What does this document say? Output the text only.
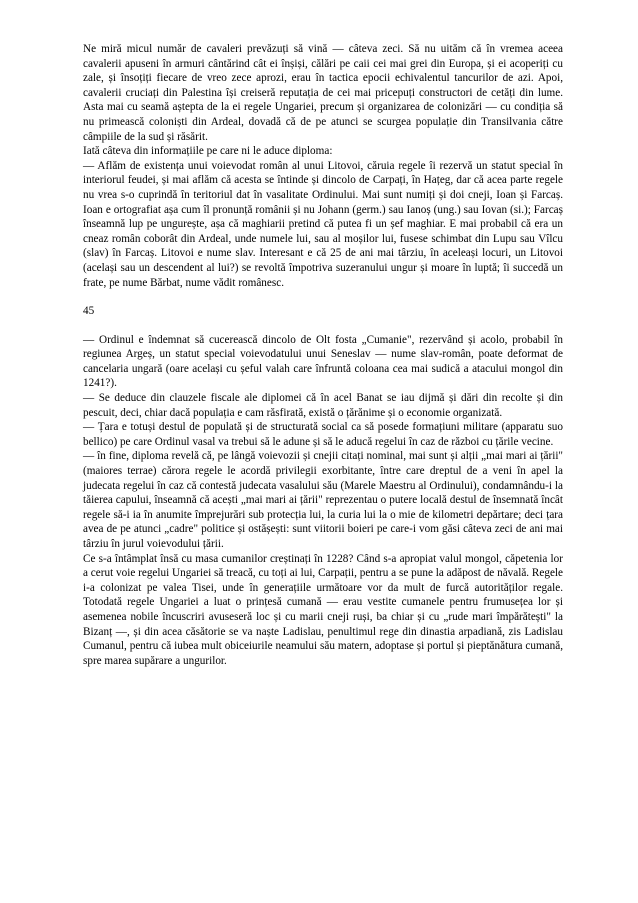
Ne miră micul număr de cavaleri prevăzuți să vină — câteva zeci. Să nu uităm că în vremea aceea cavalerii apuseni în armuri cântărind cât ei înșiși, călări pe caii cei mai grei din Europa, și ei acoperiți cu zale, și însoțiți fiecare de vreo zece aprozi, erau în tactica epocii echivalentul tancurilor de azi. Apoi, cavalerii cruciați din Palestina își creiseră reputația de cei mai pricepuți constructori de cetăți din lume. Asta mai cu seamă aștepta de la ei regele Ungariei, precum și organizarea de colonizări — cu condiția să nu primească coloniști din Ardeal, dovadă că de pe atunci se scurgea populație din Transilvania către câmpiile de la sud și răsărit.

Iată câteva din informațiile pe care ni le aduce diploma:

— Aflăm de existența unui voievodat român al unui Litovoi, căruia regele îi rezervă un statut special în interiorul feudei, și mai aflăm că acesta se întinde și dincolo de Carpați, în Hațeg, dar că acea parte regele nu vrea s-o cuprindă în teritoriul dat în vasalitate Ordinului. Mai sunt numiți și doi cneji, Ioan și Farcaș. Ioan e ortografiat așa cum îl pronunță românii și nu Johann (germ.) sau Ianoș (ung.) sau Iovan (si.); Farcaș înseamnă lup pe ungurește, așa că maghiarii pretind că putea fi un șef maghiar. E mai probabil că era un cneaz român coborât din Ardeal, unde numele lui, sau al moșilor lui, fusese schimbat din Lupu sau Vîlcu (slav) în Farcaș. Litovoi e nume slav. Interesant e că 25 de ani mai târziu, în aceleași locuri, un Litovoi (același sau un descendent al lui?) se revoltă împotriva suzeranului ungur și moare în luptă; îi succedă un frate, pe nume Bărbat, nume vădit românesc.

45

— Ordinul e îndemnat să cucerească dincolo de Olt fosta „Cumanie", rezervând și acolo, probabil în regiunea Argeș, un statut special voievodatului unui Seneslav — nume slav-român, poate deformat de cancelaria ungară (oare același cu șeful valah care înfruntă coloana cea mai sudică a atacului mongol din 1241?).

— Se deduce din clauzele fiscale ale diplomei că în acel Banat se iau dijmă și dări din recolte și din pescuit, deci, chiar dacă populația e cam răsfirată, există o țărănime și o economie organizată.

— Țara e totuși destul de populată și de structurată social ca să posede formațiuni militare (apparatu suo bellico) pe care Ordinul vasal va trebui să le adune și să le aducă regelui în caz de război cu țările vecine.

— în fine, diploma revelă că, pe lângă voievozii și cnejii citați nominal, mai sunt și alții „mai mari ai țării" (maiores terrae) cărora regele le acordă privilegii exorbitante, între care dreptul de a veni în apel la judecata regelui în caz că contestă judecata vasalului său (Marele Maestru al Ordinului), condamnându-i la tăierea capului, înseamnă că acești „mai mari ai țării" reprezentau o putere locală destul de însemnată încât regele să-i ia în anumite împrejurări sub protecția lui, la curia lui la o mie de kilometri depărtare; deci țara avea de pe atunci „cadre" politice și ostășești: sunt viitorii boieri pe care-i vom găsi câteva zeci de ani mai târziu în jurul voievodului țării.

Ce s-a întâmplat însă cu masa cumanilor creștinați în 1228? Când s-a apropiat valul mongol, căpetenia lor a cerut voie regelui Ungariei să treacă, cu toți ai lui, Carpații, pentru a se pune la adăpost de năvală. Regele i-a colonizat pe valea Tisei, unde în generațiile următoare vor da mult de furcă autorităților regale. Totodată regele Ungariei a luat o prințesă cumană — erau vestite cumanele pentru frumusețea lor și asemenea nobile încuscriri avuseseră loc și cu marii cneji ruși, ba chiar și cu „rude mari împărătești" la Bizanț —, și din acea căsătorie se va naște Ladislau, penultimul rege din dinastia arpadiană, zis Ladislau Cumanul, pentru că iubea mult obiceiurile neamului său matern, adoptase și portul și pieptănătura cumană, spre marea supărare a ungurilor.
